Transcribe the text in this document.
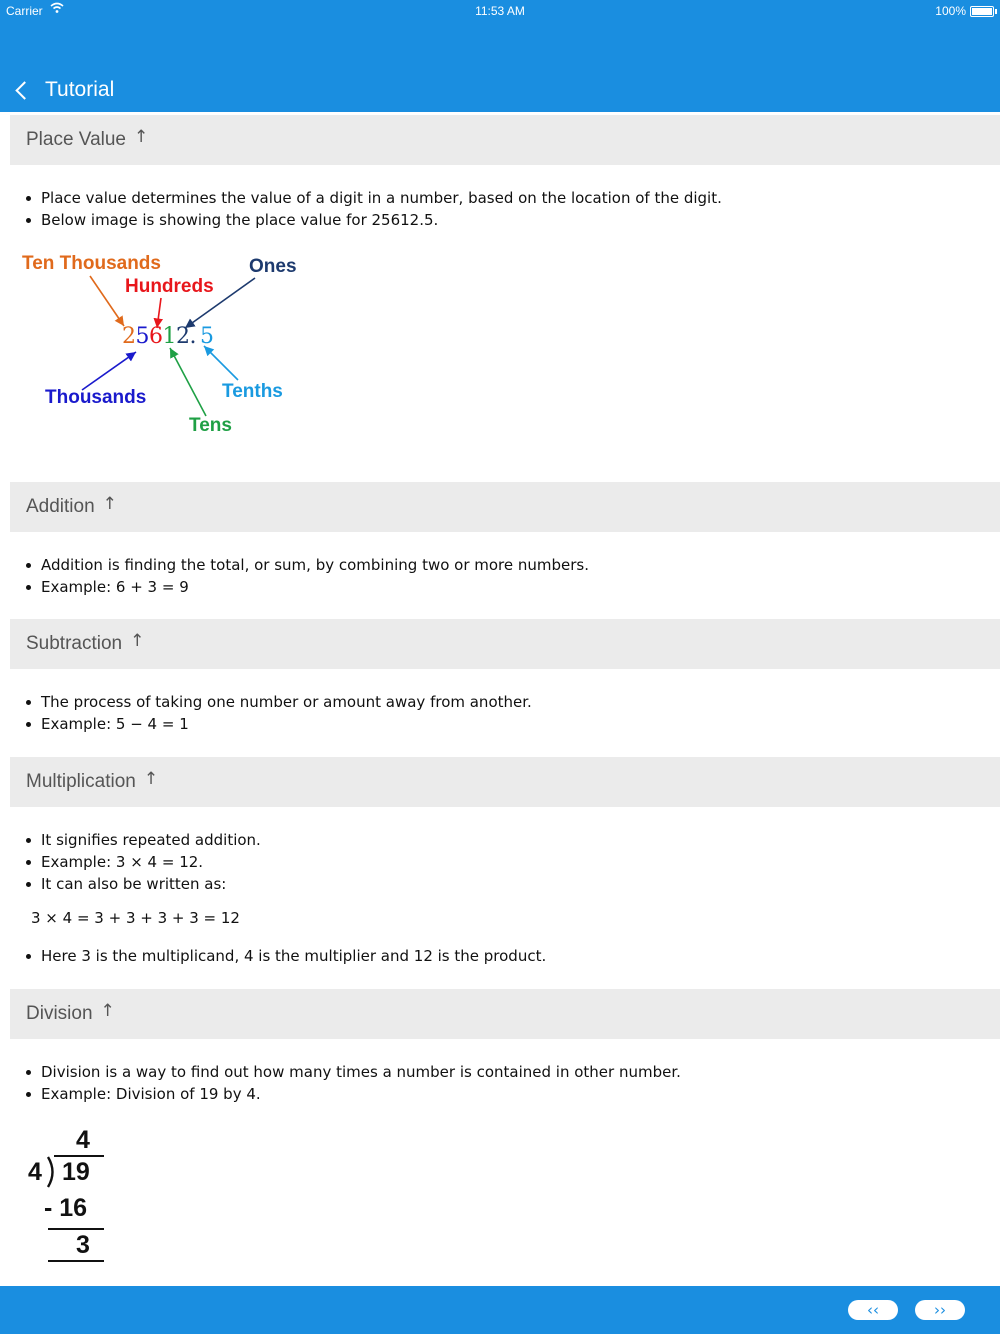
Carrier	11:53 AM	100%
Tutorial
Place Value ↑
Place value determines the value of a digit in a number, based on the location of the digit.
Below image is showing the place value for 25612.5.
Ten Thousands
Hundreds
Ones
Thousands	Tenths
Tens
25612. 5
Addition ↑
Addition is finding the total, or sum, by combining two or more numbers.
Example: 6 + 3 = 9
Subtraction ↑
The process of taking one number or amount away from another.
Example: 5 − 4 = 1
Multiplication ↑
It signifies repeated addition.
Example: 3 × 4 = 12.
It can also be written as:
3 × 4 = 3 + 3 + 3 + 3 = 12
Here 3 is the multiplicand, 4 is the multiplier and 12 is the product.
Division ↑
Division is a way to find out how many times a number is contained in other number.
Example: Division of 19 by 4.
4
4 19
- 16
3
‹‹	››
